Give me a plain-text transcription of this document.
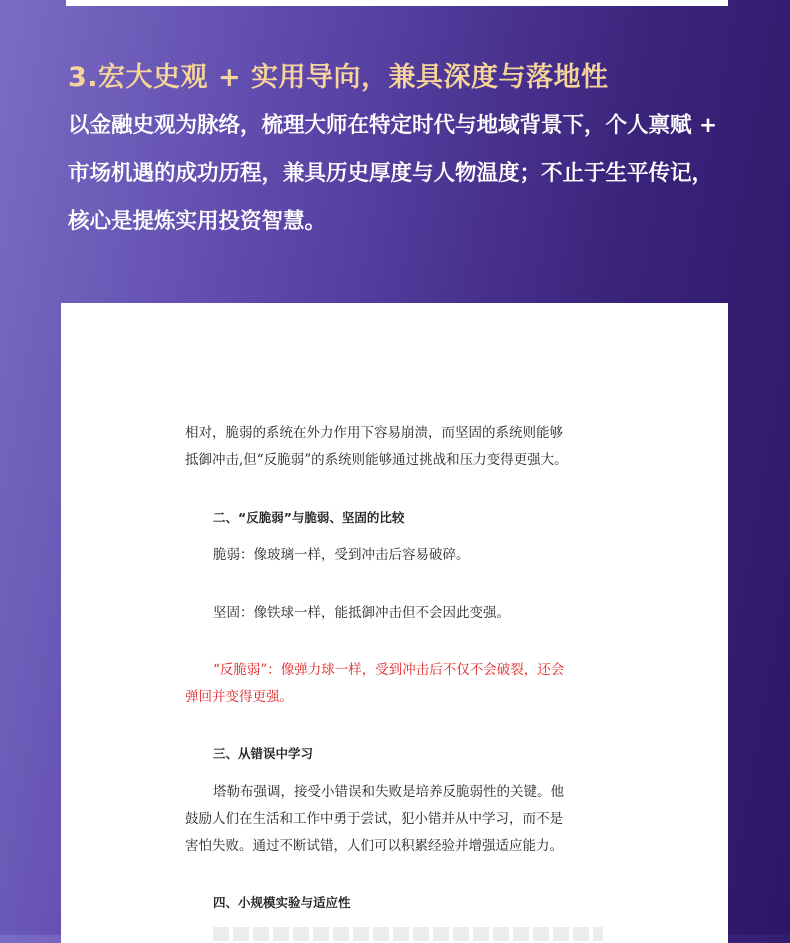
3.宏大史观 + 实用导向，兼具深度与落地性

以金融史观为脉络，梳理大师在特定时代与地域背景下，个人禀赋 + 市场机遇的成功历程，兼具历史厚度与人物温度；不止于生平传记，核心是提炼实用投资智慧。

相对，脆弱的系统在外力作用下容易崩溃，而坚固的系统则能够
抵御冲击,但“反脆弱”的系统则能够通过挑战和压力变得更强大。

二、“反脆弱”与脆弱、坚固的比较

脆弱：像玻璃一样，受到冲击后容易破碎。

坚固：像铁球一样，能抵御冲击但不会因此变强。

“反脆弱”：像弹力球一样，受到冲击后不仅不会破裂，还会
弹回并变得更强。

三、从错误中学习

塔勒布强调，接受小错误和失败是培养反脆弱性的关键。他
鼓励人们在生活和工作中勇于尝试，犯小错并从中学习，而不是
害怕失败。通过不断试错，人们可以积累经验并增强适应能力。

四、小规模实验与适应性
